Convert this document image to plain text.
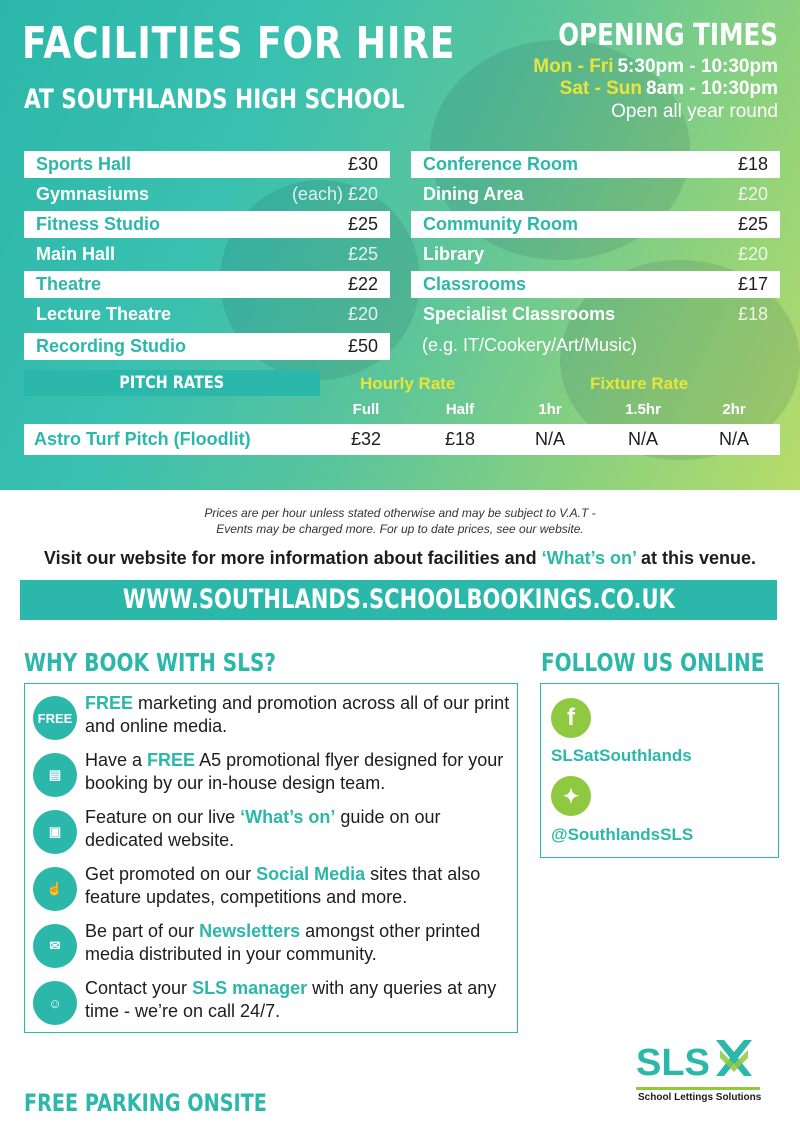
FACILITIES FOR HIRE
AT SOUTHLANDS HIGH SCHOOL
OPENING TIMES
Mon - Fri 5:30pm - 10:30pm
Sat - Sun 8am - 10:30pm
Open all year round
Sports Hall	£30
Gymnasiums	(each) £20
Fitness Studio	£25
Main Hall	£25
Theatre	£22
Lecture Theatre	£20
Recording Studio	£50
Conference Room	£18
Dining Area	£20
Community Room	£25
Library	£20
Classrooms	£17
Specialist Classrooms	£18
(e.g. IT/Cookery/Art/Music)
PITCH RATES	Hourly Rate	Fixture Rate
Full	Half	1hr	1.5hr	2hr
Astro Turf Pitch (Floodlit)	£32	£18	N/A	N/A	N/A
Prices are per hour unless stated otherwise and may be subject to V.A.T -
Events may be charged more. For up to date prices, see our website.
Visit our website for more information about facilities and ‘What’s on’ at this venue.
WWW.SOUTHLANDS.SCHOOLBOOKINGS.CO.UK
WHY BOOK WITH SLS?
FREE
FREE marketing and promotion across all of our print and online media.
▤
Have a FREE A5 promotional flyer designed for your booking by our in-house design team.
▣
Feature on our live ‘What’s on’ guide on our dedicated website.
☝
Get promoted on our Social Media sites that also feature updates, competitions and more.
✉
Be part of our Newsletters amongst other printed media distributed in your community.
☺
Contact your SLS manager with any queries at any time - we’re on call 24/7.
FOLLOW US ONLINE
f
SLSatSouthlands
✦
@SouthlandsSLS
FREE PARKING ONSITE
SLS
School Lettings Solutions
